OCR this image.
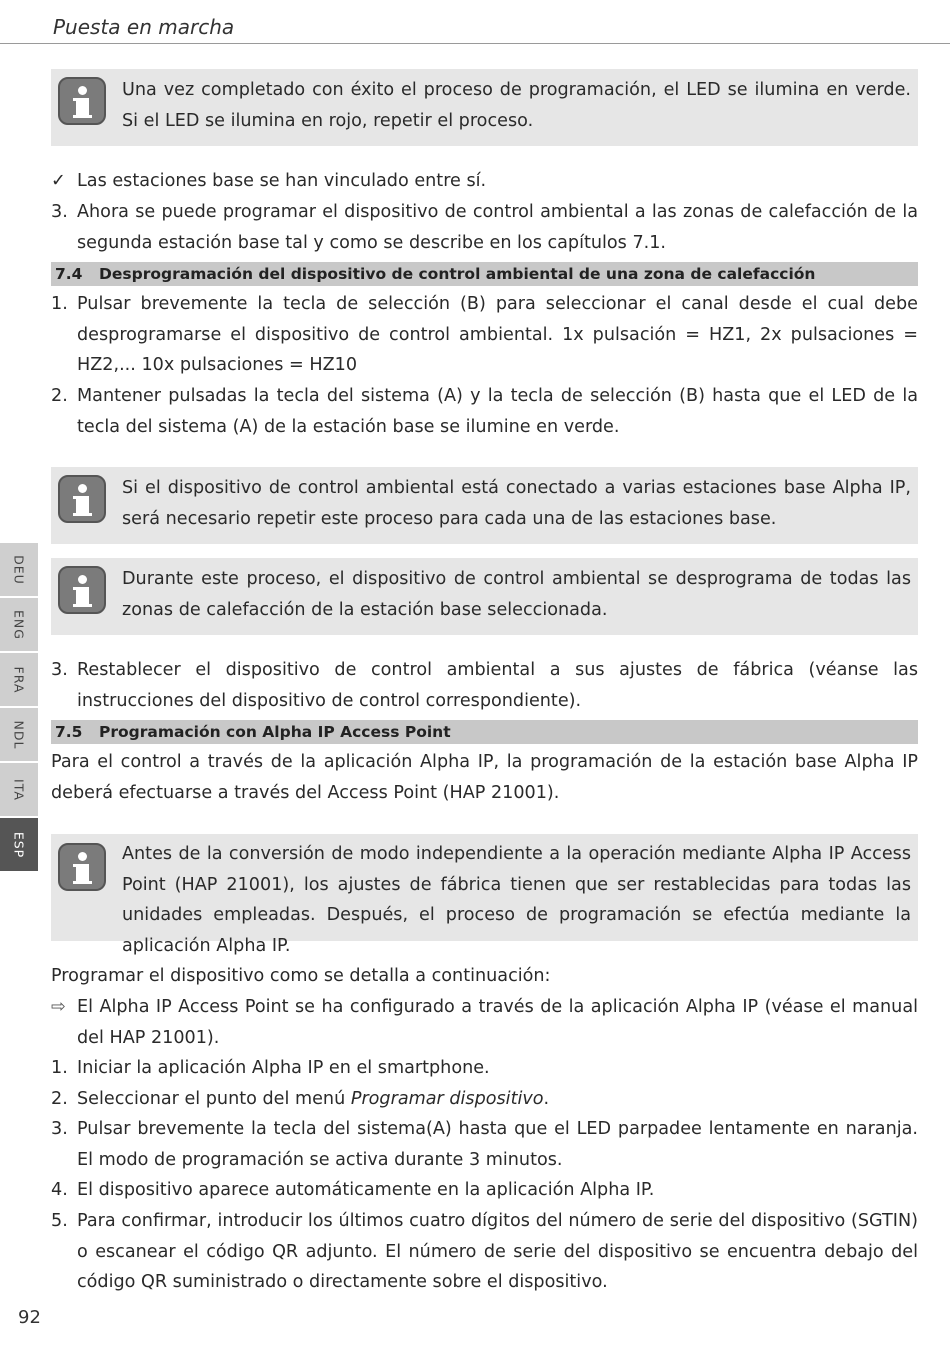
Puesta en marcha
Una vez completado con éxito el proceso de programación, el LED se ilumina en verde. Si el LED se ilumina en rojo, repetir el proceso.
✓ Las estaciones base se han vinculado entre sí.
3. Ahora se puede programar el dispositivo de control ambiental a las zonas de calefacción de la segunda estación base tal y como se describe en los capítulos 7.1.
7.4 Desprogramación del dispositivo de control ambiental de una zona de calefacción
1. Pulsar brevemente la tecla de selección (B) para seleccionar el canal desde el cual debe desprogramarse el dispositivo de control ambiental. 1x pulsación = HZ1, 2x pulsaciones = HZ2,... 10x pulsaciones = HZ10
2. Mantener pulsadas la tecla del sistema (A) y la tecla de selección (B) hasta que el LED de la tecla del sistema (A) de la estación base se ilumine en verde.
Si el dispositivo de control ambiental está conectado a varias estaciones base Alpha IP, será necesario repetir este proceso para cada una de las estaciones base.
Durante este proceso, el dispositivo de control ambiental se desprograma de todas las zonas de calefacción de la estación base seleccionada.
3. Restablecer el dispositivo de control ambiental a sus ajustes de fábrica (véanse las instrucciones del dispositivo de control correspondiente).
7.5 Programación con Alpha IP Access Point
Para el control a través de la aplicación Alpha IP, la programación de la estación base Alpha IP deberá efectuarse a través del Access Point (HAP 21001).
Antes de la conversión de modo independiente a la operación mediante Alpha IP Access Point (HAP 21001), los ajustes de fábrica tienen que ser restablecidas para todas las unidades empleadas. Después, el proceso de programación se efectúa mediante la aplicación Alpha IP.
Programar el dispositivo como se detalla a continuación:
⇨ El Alpha IP Access Point se ha configurado a través de la aplicación Alpha IP (véase el manual del HAP 21001).
1. Iniciar la aplicación Alpha IP en el smartphone.
2. Seleccionar el punto del menú Programar dispositivo.
3. Pulsar brevemente la tecla del sistema(A) hasta que el LED parpadee lentamente en naranja. El modo de programación se activa durante 3 minutos.
4. El dispositivo aparece automáticamente en la aplicación Alpha IP.
5. Para confirmar, introducir los últimos cuatro dígitos del número de serie del dispositivo (SGTIN) o escanear el código QR adjunto. El número de serie del dispositivo se encuentra debajo del código QR suministrado o directamente sobre el dispositivo.
DEU
ENG
FRA
NDL
ITA
ESP
92
